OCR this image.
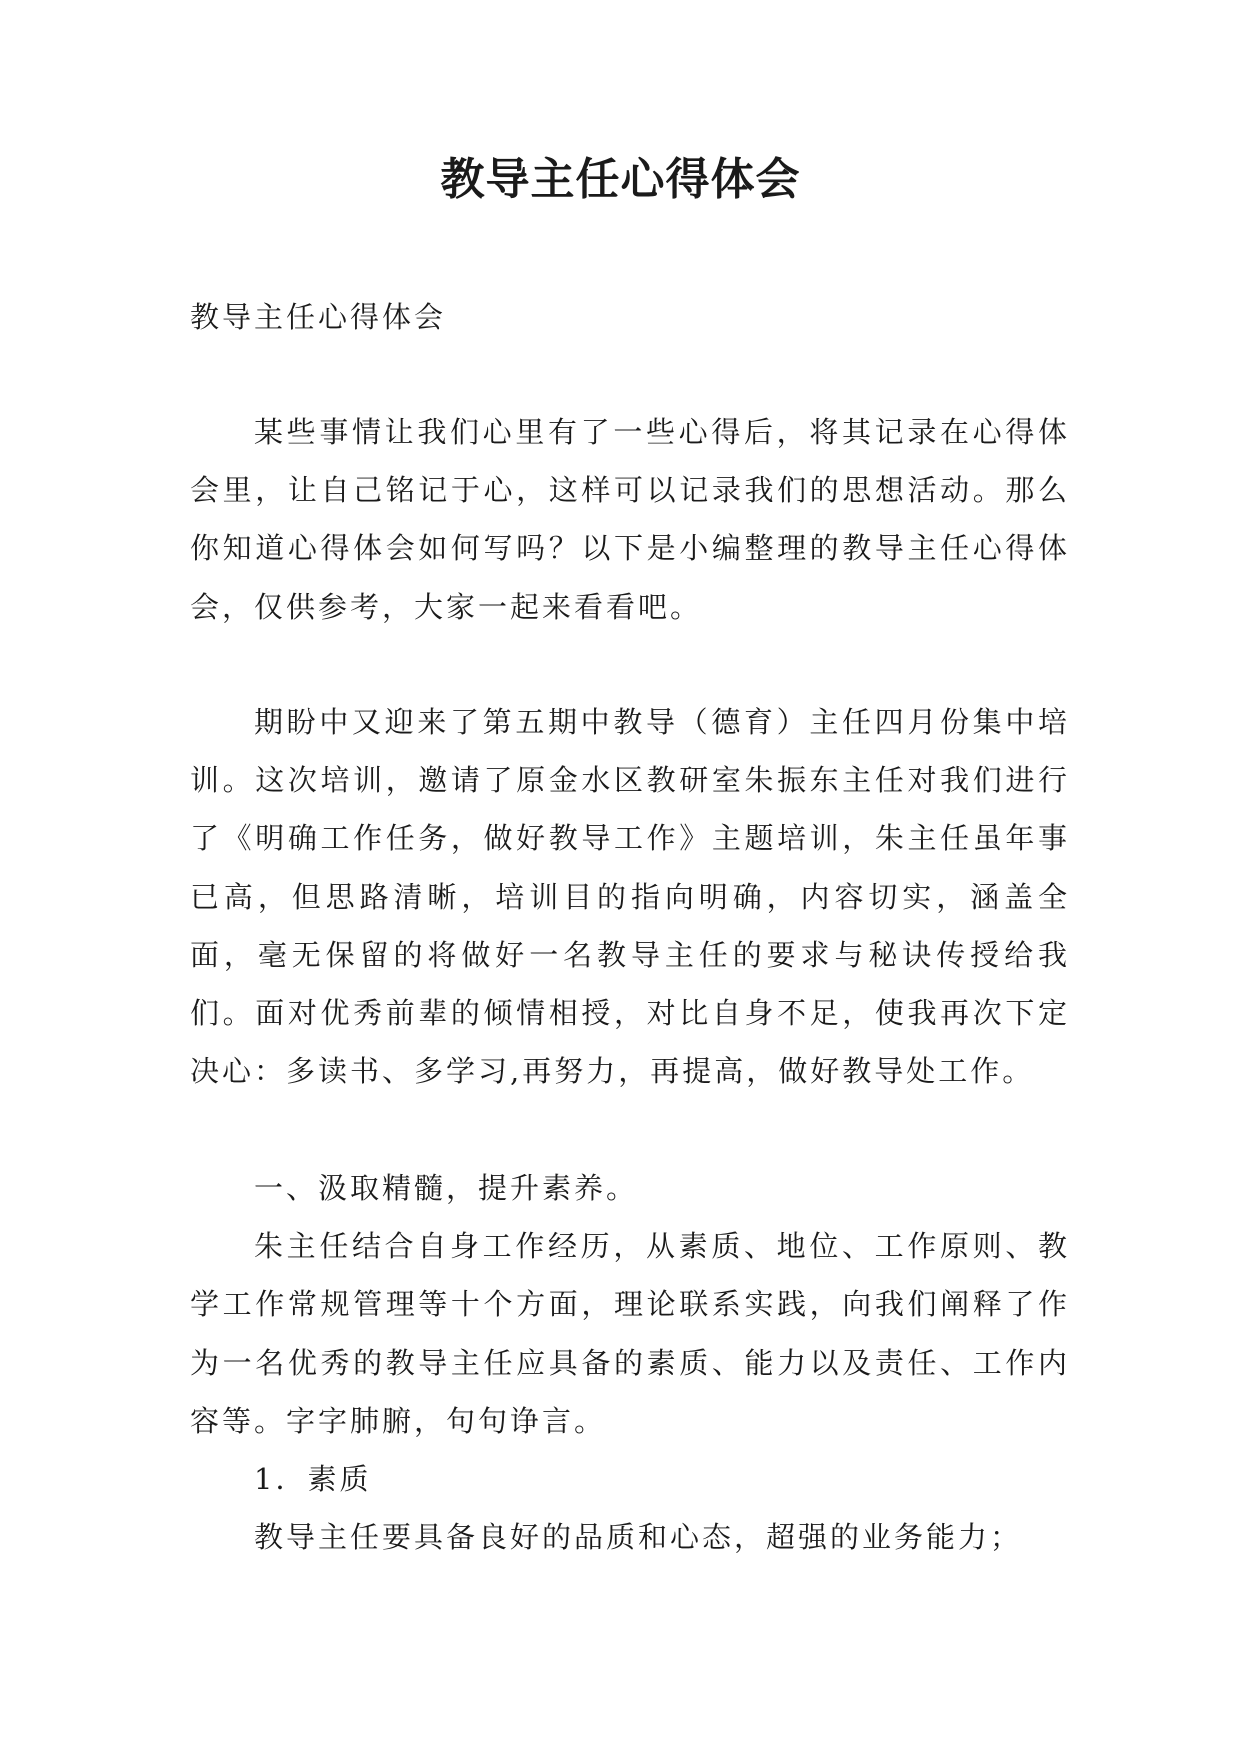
教导主任心得体会

教导主任心得体会

某些事情让我们心里有了一些心得后，将其记录在心得体会里，让自己铭记于心，这样可以记录我们的思想活动。那么你知道心得体会如何写吗？以下是小编整理的教导主任心得体会，仅供参考，大家一起来看看吧。

期盼中又迎来了第五期中教导（德育）主任四月份集中培训。这次培训，邀请了原金水区教研室朱振东主任对我们进行了《明确工作任务，做好教导工作》主题培训，朱主任虽年事已高，但思路清晰，培训目的指向明确，内容切实，涵盖全面，毫无保留的将做好一名教导主任的要求与秘诀传授给我们。面对优秀前辈的倾情相授，对比自身不足，使我再次下定决心：多读书、多学习,再努力，再提高，做好教导处工作。

一、汲取精髓，提升素养。

朱主任结合自身工作经历，从素质、地位、工作原则、教学工作常规管理等十个方面，理论联系实践，向我们阐释了作为一名优秀的教导主任应具备的素质、能力以及责任、工作内容等。字字肺腑，句句诤言。

1．素质

教导主任要具备良好的品质和心态，超强的业务能力；
